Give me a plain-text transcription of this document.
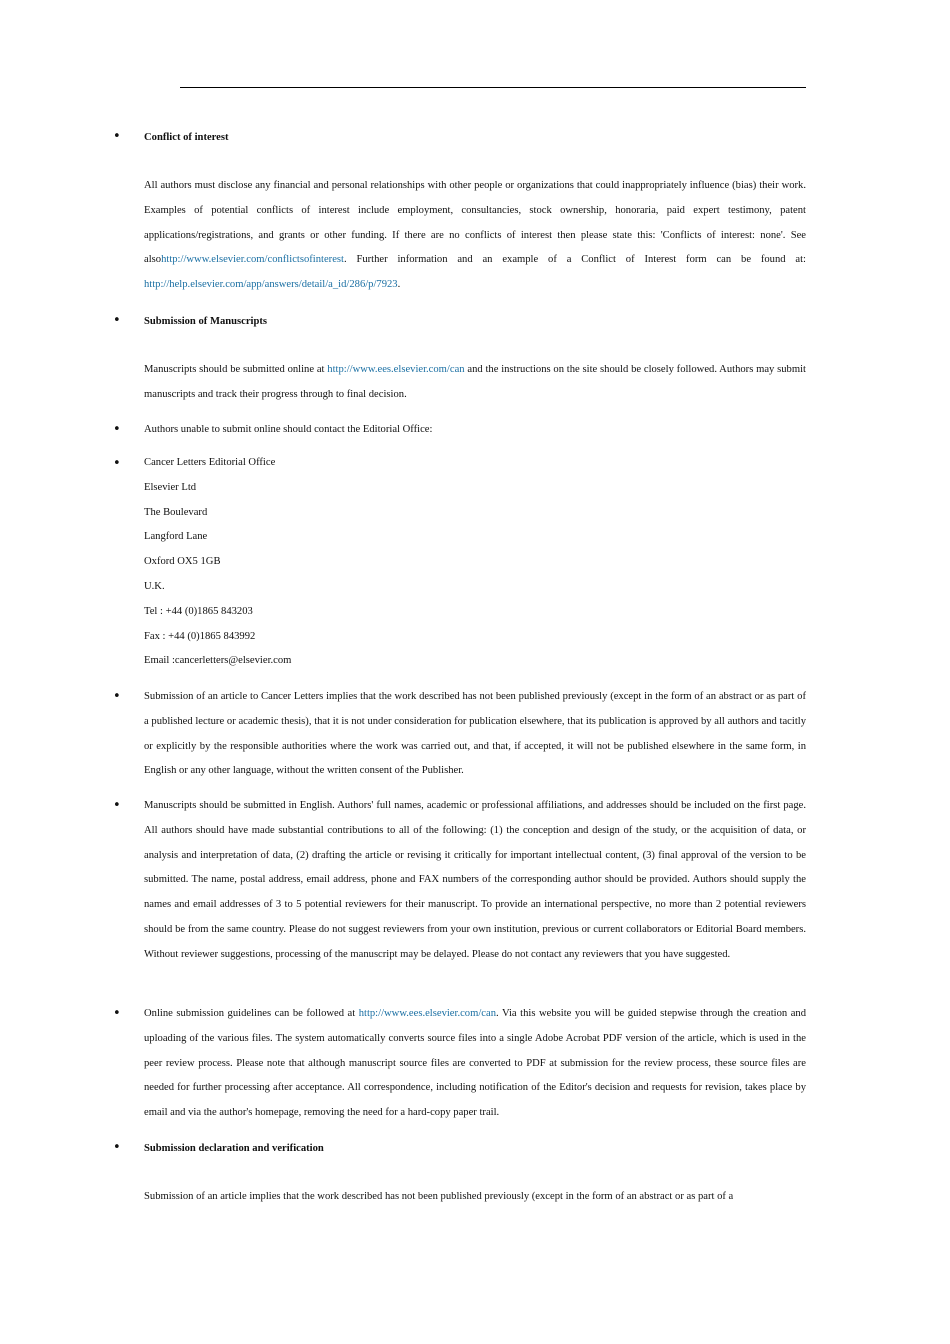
• Conflict of interest
All authors must disclose any financial and personal relationships with other people or organizations that could inappropriately influence (bias) their work. Examples of potential conflicts of interest include employment, consultancies, stock ownership, honoraria, paid expert testimony, patent applications/registrations, and grants or other funding. If there are no conflicts of interest then please state this: 'Conflicts of interest: none'. See alsohttp://www.elsevier.com/conflictsofinterest. Further information and an example of a Conflict of Interest form can be found at: http://help.elsevier.com/app/answers/detail/a_id/286/p/7923.
• Submission of Manuscripts
Manuscripts should be submitted online at http://www.ees.elsevier.com/can and the instructions on the site should be closely followed. Authors may submit manuscripts and track their progress through to final decision.
• Authors unable to submit online should contact the Editorial Office:
• Cancer Letters Editorial Office
Elsevier Ltd
The Boulevard
Langford Lane
Oxford OX5 1GB
U.K.
Tel : +44 (0)1865 843203
Fax : +44 (0)1865 843992
Email :cancerletters@elsevier.com
• Submission of an article to Cancer Letters implies that the work described has not been published previously (except in the form of an abstract or as part of a published lecture or academic thesis), that it is not under consideration for publication elsewhere, that its publication is approved by all authors and tacitly or explicitly by the responsible authorities where the work was carried out, and that, if accepted, it will not be published elsewhere in the same form, in English or any other language, without the written consent of the Publisher.
• Manuscripts should be submitted in English. Authors' full names, academic or professional affiliations, and addresses should be included on the first page. All authors should have made substantial contributions to all of the following: (1) the conception and design of the study, or the acquisition of data, or analysis and interpretation of data, (2) drafting the article or revising it critically for important intellectual content, (3) final approval of the version to be submitted. The name, postal address, email address, phone and FAX numbers of the corresponding author should be provided. Authors should supply the names and email addresses of 3 to 5 potential reviewers for their manuscript. To provide an international perspective, no more than 2 potential reviewers should be from the same country. Please do not suggest reviewers from your own institution, previous or current collaborators or Editorial Board members. Without reviewer suggestions, processing of the manuscript may be delayed. Please do not contact any reviewers that you have suggested.
• Online submission guidelines can be followed at http://www.ees.elsevier.com/can. Via this website you will be guided stepwise through the creation and uploading of the various files. The system automatically converts source files into a single Adobe Acrobat PDF version of the article, which is used in the peer review process. Please note that although manuscript source files are converted to PDF at submission for the review process, these source files are needed for further processing after acceptance. All correspondence, including notification of the Editor's decision and requests for revision, takes place by email and via the author's homepage, removing the need for a hard-copy paper trail.
• Submission declaration and verification
Submission of an article implies that the work described has not been published previously (except in the form of an abstract or as part of a
